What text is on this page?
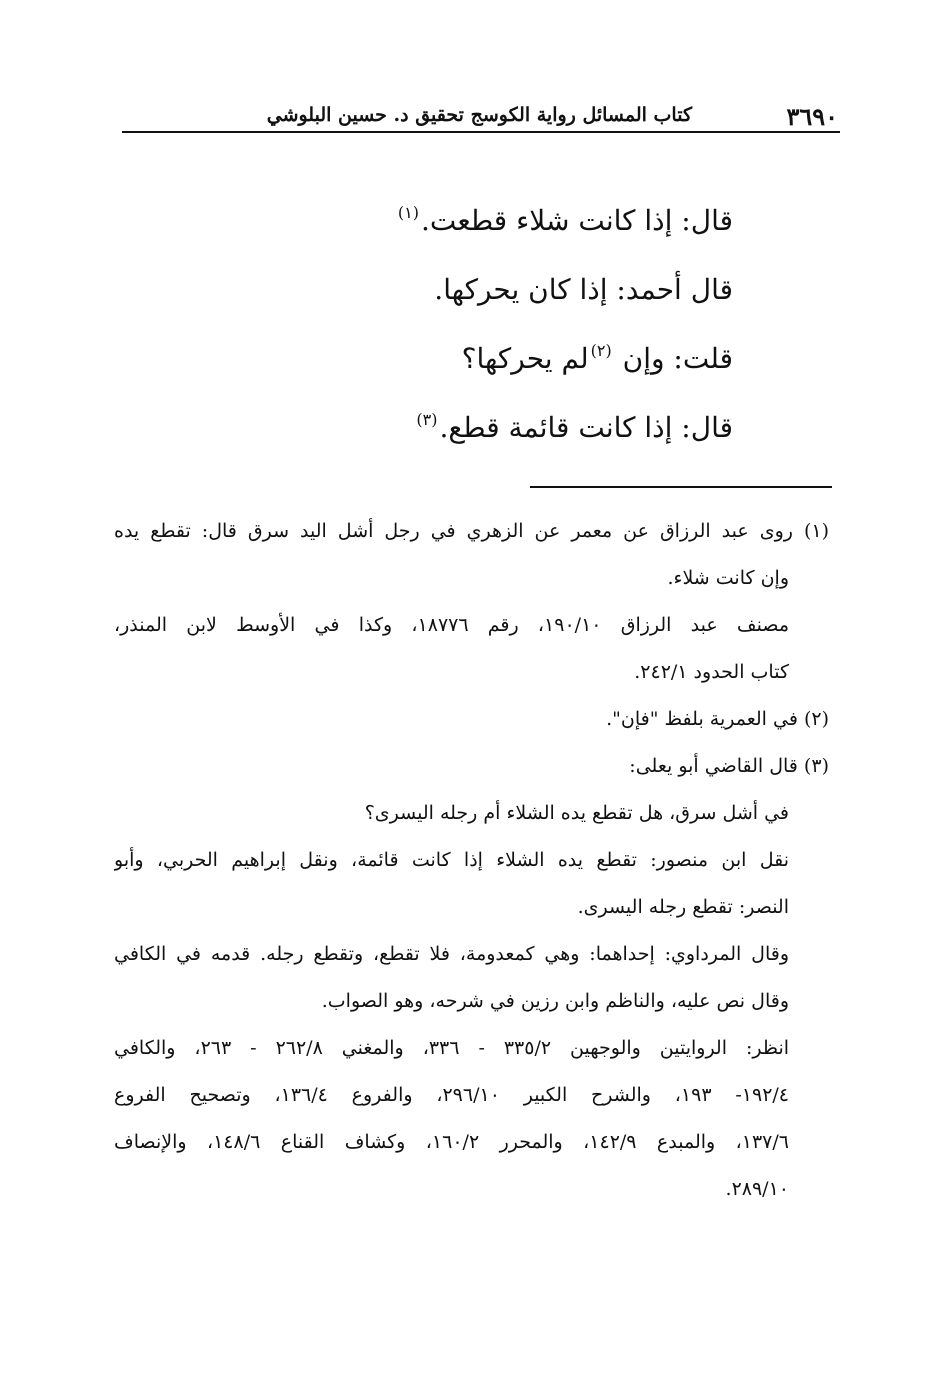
٣٦٩٠
كتاب المسائل رواية الكوسج تحقيق د. حسين البلوشي
قال: إذا كانت شلاء قطعت.$^{(١)}$
قال أحمد: إذا كان يحركها.
قلت: وإن $^{(٢)}$لم يحركها؟
قال: إذا كانت قائمة قطع.$^{(٣)}$
(١) روى عبد الرزاق عن معمر عن الزهري في رجل أشل اليد سرق قال: تقطع يده
وإن كانت شلاء.
مصنف عبد الرزاق ١٩٠/١٠، رقم ١٨٧٧٦، وكذا في الأوسط لابن المنذر،
كتاب الحدود ٢٤٢/١.
(٢) في العمرية بلفظ "فإن".
(٣) قال القاضي أبو يعلى:
في أشل سرق، هل تقطع يده الشلاء أم رجله اليسرى؟
نقل ابن منصور: تقطع يده الشلاء إذا كانت قائمة، ونقل إبراهيم الحربي، وأبو
النصر: تقطع رجله اليسرى.
وقال المرداوي: إحداهما: وهي كمعدومة، فلا تقطع، وتقطع رجله. قدمه في الكافي
وقال نص عليه، والناظم وابن رزين في شرحه، وهو الصواب.
انظر: الروايتين والوجهين ٣٣٥/٢ - ٣٣٦، والمغني ٢٦٢/٨ - ٢٦٣، والكافي
١٩٢/٤- ١٩٣، والشرح الكبير ٢٩٦/١٠، والفروع ١٣٦/٤، وتصحيح الفروع
١٣٧/٦، والمبدع ١٤٢/٩، والمحرر ١٦٠/٢، وكشاف القناع ١٤٨/٦، والإنصاف
٢٨٩/١٠.
